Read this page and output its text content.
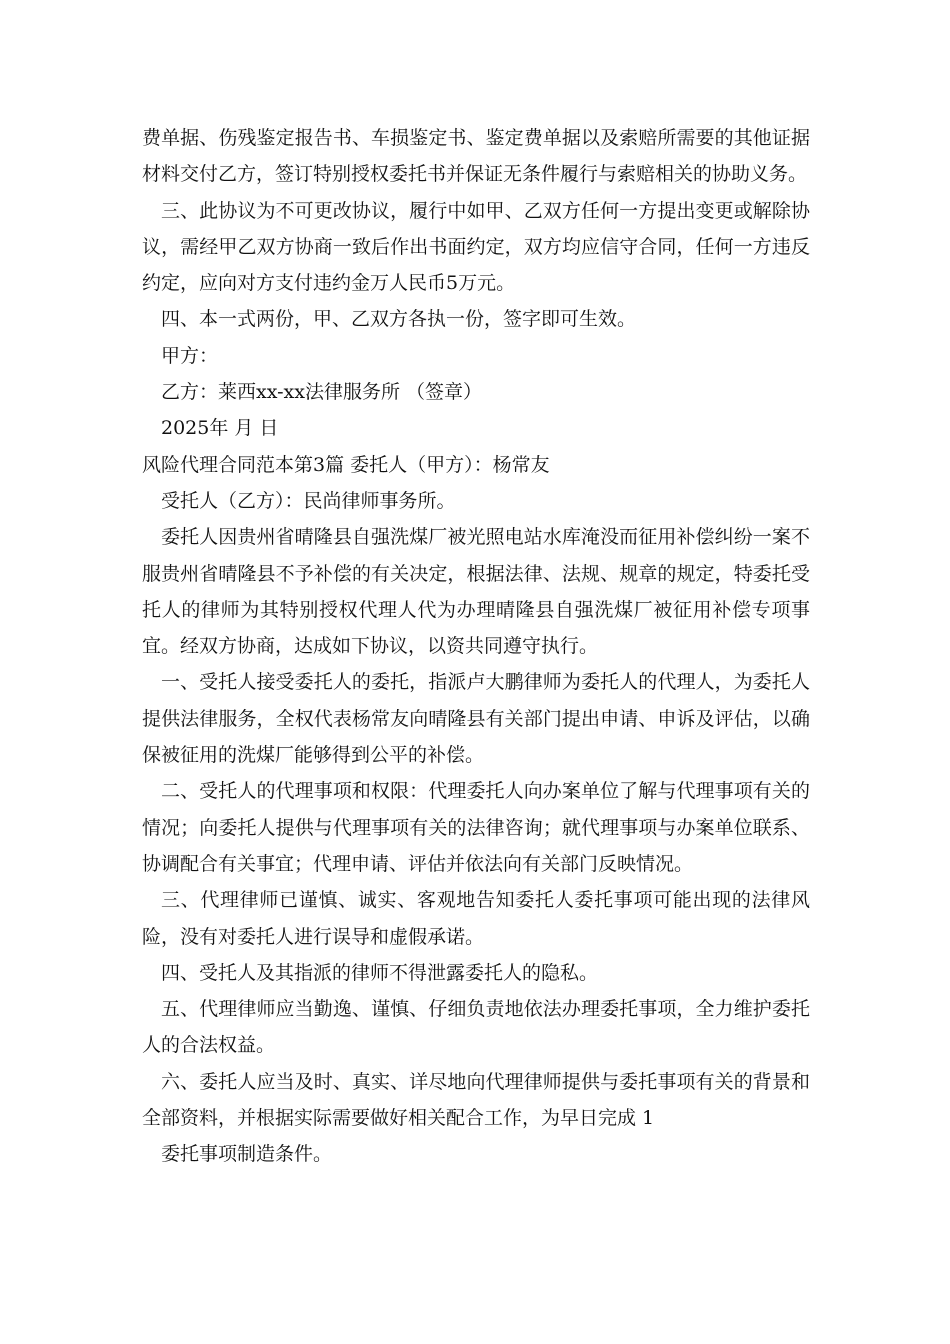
费单据、伤残鉴定报告书、车损鉴定书、鉴定费单据以及索赔所需要的其他证据材料交付乙方，签订特别授权委托书并保证无条件履行与索赔相关的协助义务。

三、此协议为不可更改协议，履行中如甲、乙双方任何一方提出变更或解除协议，需经甲乙双方协商一致后作出书面约定，双方均应信守合同，任何一方违反约定，应向对方支付违约金万人民币5万元。

四、本一式两份，甲、乙双方各执一份，签字即可生效。

甲方：

乙方：莱西xx-xx法律服务所 （签章）

2025年 月 日

风险代理合同范本第3篇 委托人（甲方）：杨常友

受托人（乙方）：民尚律师事务所。

委托人因贵州省晴隆县自强洗煤厂被光照电站水库淹没而征用补偿纠纷一案不服贵州省晴隆县不予补偿的有关决定，根据法律、法规、规章的规定，特委托受托人的律师为其特别授权代理人代为办理晴隆县自强洗煤厂被征用补偿专项事宜。经双方协商，达成如下协议，以资共同遵守执行。

一、受托人接受委托人的委托，指派卢大鹏律师为委托人的代理人，为委托人提供法律服务，全权代表杨常友向晴隆县有关部门提出申请、申诉及评估，以确保被征用的洗煤厂能够得到公平的补偿。

二、受托人的代理事项和权限：代理委托人向办案单位了解与代理事项有关的情况；向委托人提供与代理事项有关的法律咨询；就代理事项与办案单位联系、协调配合有关事宜；代理申请、评估并依法向有关部门反映情况。

三、代理律师已谨慎、诚实、客观地告知委托人委托事项可能出现的法律风险，没有对委托人进行误导和虚假承诺。

四、受托人及其指派的律师不得泄露委托人的隐私。

五、代理律师应当勤逸、谨慎、仔细负责地依法办理委托事项，全力维护委托人的合法权益。

六、委托人应当及时、真实、详尽地向代理律师提供与委托事项有关的背景和全部资料，并根据实际需要做好相关配合工作，为早日完成 1

委托事项制造条件。
